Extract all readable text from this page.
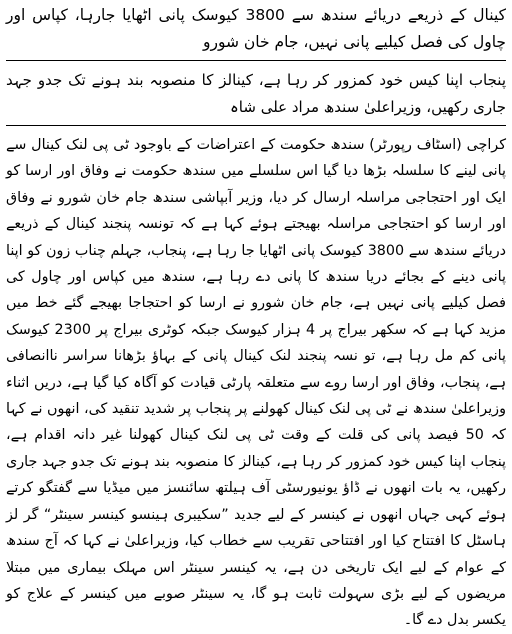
کینال کے ذریعے دریائے سندھ سے 3800 کیوسک پانی اٹھایا جارہا، کپاس اور چاول کی فصل کیلیے پانی نہیں، جام خان شورو

پنجاب اپنا کیس خود کمزور کر رہا ہے، کینالز کا منصوبہ بند ہونے تک جدو جہد جاری رکھیں، وزیراعلیٰ سندھ مراد علی شاہ

کراچی (اسٹاف رپورٹر) سندھ حکومت کے اعتراضات کے باوجود ٹی پی لنک کینال سے پانی لینے کا سلسلہ بڑھا دیا گیا اس سلسلے میں سندھ حکومت نے وفاق اور ارسا کو ایک اور احتجاجی مراسلہ ارسال کر دیا، وزیر آبپاشی سندھ جام خان شورو نے وفاق اور ارسا کو احتجاجی مراسلہ بھیجتے ہوئے کہا ہے کہ تونسہ پنجند کینال کے ذریعے دریائے سندھ سے 3800 کیوسک پانی اٹھایا جا رہا ہے، پنجاب، جہلم چناب زون کو اپنا پانی دینے کے بجائے دریا سندھ کا پانی دے رہا ہے، سندھ میں کپاس اور چاول کی فصل کیلیے پانی نہیں ہے، جام خان شورو نے ارسا کو احتجاجا بھیجے گئے خط میں مزید کہا ہے کہ سکھر بیراج پر 4 ہزار کیوسک جبکہ کوٹری بیراج پر 2300 کیوسک پانی کم مل رہا ہے، تو نسہ پنجند لنک کینال پانی کے بہاؤ بڑھانا سراسر ناانصافی ہے، پنجاب، وفاق اور ارسا روے سے متعلقہ پارٹی قیادت کو آگاہ کیا گیا ہے، دریں اثناء وزیراعلیٰ سندھ نے ٹی پی لنک کینال کھولنے پر پنجاب پر شدید تنقید کی، انھوں نے کہا کہ 50 فیصد پانی کی قلت کے وقت ٹی پی لنک کینال کھولنا غیر دانہ اقدام ہے، پنجاب اپنا کیس خود کمزور کر رہا ہے، کینالز کا منصوبہ بند ہونے تک جدو جہد جاری رکھیں، یہ بات انھوں نے ڈاؤ یونیورسٹی آف ہیلتھ سائنسز میں میڈیا سے گفتگو کرتے ہوئے کہی جہاں انھوں نے کینسر کے لیے جدید ”سکیبری ہینسو کینسر سینٹر“ گر لز ہاسٹل کا افتتاح کیا اور افتتاحی تقریب سے خطاب کیا، وزیراعلیٰ نے کہا کہ آج سندھ کے عوام کے لیے ایک تاریخی دن ہے، یہ کینسر سینٹر اس مہلک بیماری میں مبتلا مریضوں کے لیے بڑی سہولت ثابت ہو گا، یہ سینٹر صوبے میں کینسر کے علاج کو یکسر بدل دے گا۔
